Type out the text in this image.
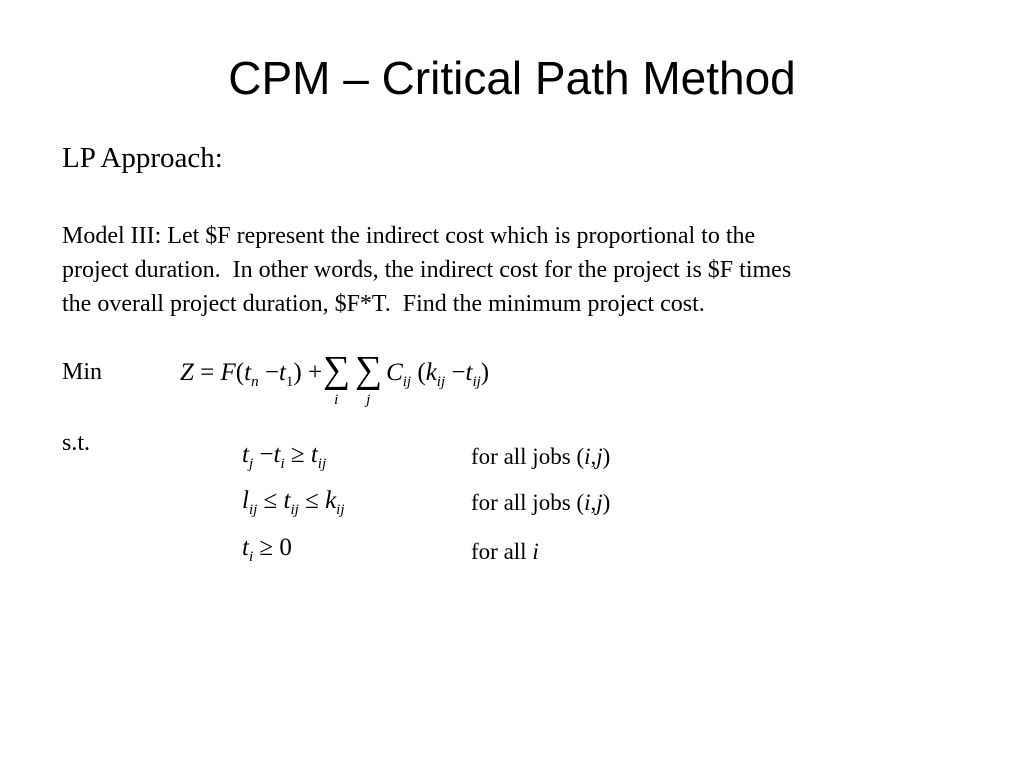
CPM – Critical Path Method
LP Approach:
Model III: Let $F represent the indirect cost which is proportional to the
project duration.  In other words, the indirect cost for the project is $F times
the overall project duration, $F*T.  Find the minimum project cost.
Min	$Z = F(t_n -t_1)$ + ∑
i
∑
j
$C_{ij}$ $(k_{ij} -t_{ij})$
s.t.	$t_j -t_i \ge t_{ij}$	for all jobs (i,j)
$l_{ij} \le t_{ij} \le k_{ij}$	for all jobs (i,j)
$t_i \ge 0$	for all i
